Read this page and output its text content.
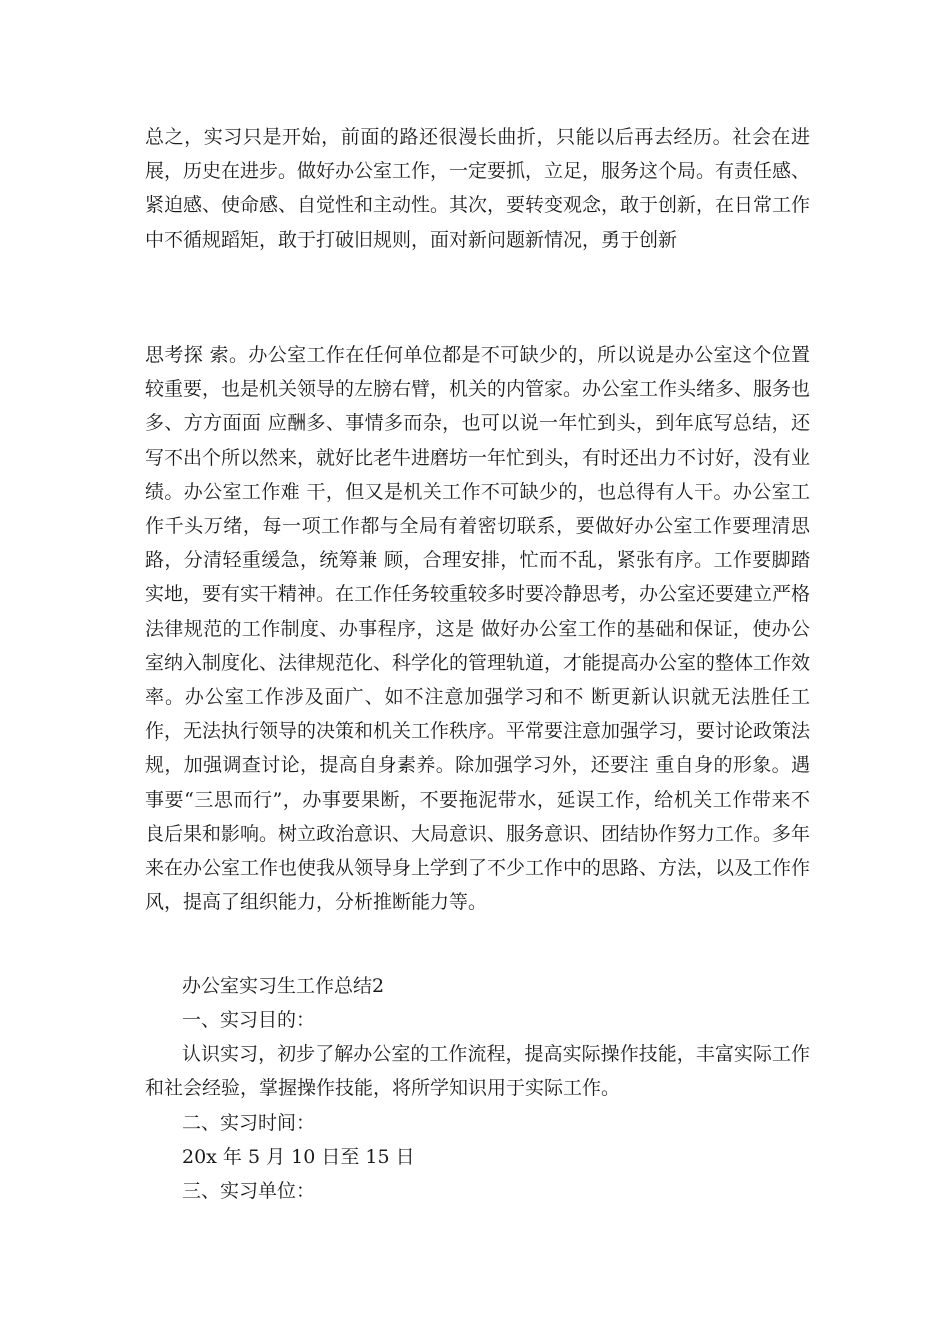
总之，实习只是开始，前面的路还很漫长曲折，只能以后再去经历。社会在进展，历史在进步。做好办公室工作，一定要抓，立足，服务这个局。有责任感、紧迫感、使命感、自觉性和主动性。其次，要转变观念，敢于创新，在日常工作中不循规蹈矩，敢于打破旧规则，面对新问题新情况，勇于创新
思考探 索。办公室工作在任何单位都是不可缺少的，所以说是办公室这个位置较重要，也是机关领导的左膀右臂，机关的内管家。办公室工作头绪多、服务也多、方方面面 应酬多、事情多而杂，也可以说一年忙到头，到年底写总结，还写不出个所以然来，就好比老牛进磨坊一年忙到头，有时还出力不讨好，没有业绩。办公室工作难 干，但又是机关工作不可缺少的，也总得有人干。办公室工作千头万绪，每一项工作都与全局有着密切联系，要做好办公室工作要理清思路，分清轻重缓急，统筹兼 顾，合理安排，忙而不乱，紧张有序。工作要脚踏实地，要有实干精神。在工作任务较重较多时要冷静思考，办公室还要建立严格法律规范的工作制度、办事程序，这是 做好办公室工作的基础和保证，使办公室纳入制度化、法律规范化、科学化的管理轨道，才能提高办公室的整体工作效率。办公室工作涉及面广、如不注意加强学习和不 断更新认识就无法胜任工作，无法执行领导的决策和机关工作秩序。平常要注意加强学习，要讨论政策法规，加强调查讨论，提高自身素养。除加强学习外，还要注 重自身的形象。遇事要“三思而行”，办事要果断，不要拖泥带水，延误工作，给机关工作带来不良后果和影响。树立政治意识、大局意识、服务意识、团结协作努力工作。多年来在办公室工作也使我从领导身上学到了不少工作中的思路、方法，以及工作作风，提高了组织能力，分析推断能力等。
办公室实习生工作总结2
一、实习目的：
认识实习，初步了解办公室的工作流程，提高实际操作技能，丰富实际工作和社会经验，掌握操作技能，将所学知识用于实际工作。
二、实习时间：
20x 年 5 月 10 日至 15 日
三、实习单位：
